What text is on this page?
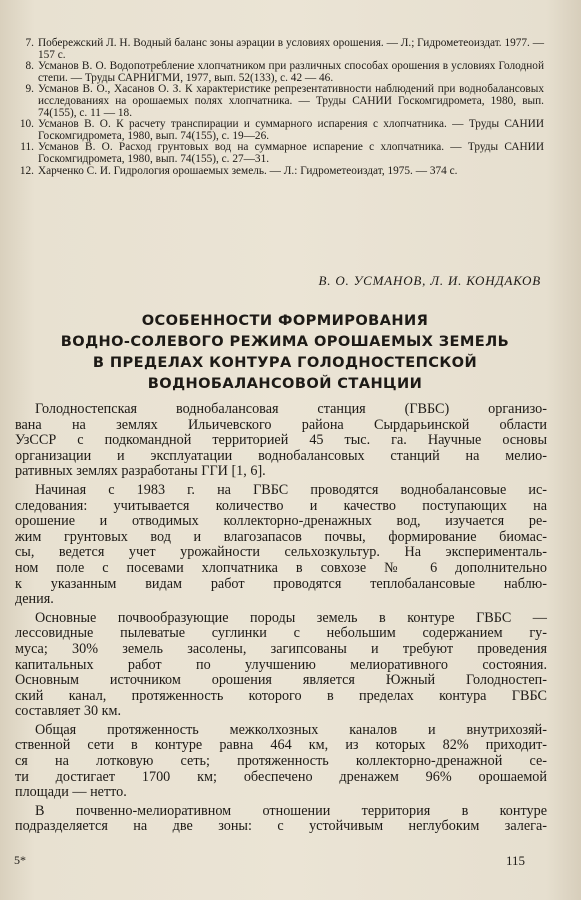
7. Побережский Л. Н. Водный баланс зоны аэрации в условиях орошения. — Л.; Гидрометеоиздат. 1977. — 157 с.
8. Усманов В. О. Водопотребление хлопчатником при различных способах орошения в условиях Голодной степи. — Труды САРНИГМИ, 1977, вып. 52(133), с. 42 — 46.
9. Усманов В. О., Хасанов О. З. К характеристике репрезентативности наблюдений при воднобалансовых исследованиях на орошаемых полях хлопчатника. — Труды САНИИ Госкомгидромета, 1980, вып. 74(155), с. 11 — 18.
10. Усманов В. О. К расчету транспирации и суммарного испарения с хлопчатника. — Труды САНИИ Госкомгидромета, 1980, вып. 74(155), с. 19—26.
11. Усманов В. О. Расход грунтовых вод на суммарное испарение с хлопчатника. — Труды САНИИ Госкомгидромета, 1980, вып. 74(155), с. 27—31.
12. Харченко С. И. Гидрология орошаемых земель. — Л.: Гидрометеоиздат, 1975. — 374 с.
В. О. УСМАНОВ, Л. И. КОНДАКОВ
ОСОБЕННОСТИ ФОРМИРОВАНИЯ
ВОДНО-СОЛЕВОГО РЕЖИМА ОРОШАЕМЫХ ЗЕМЕЛЬ
В ПРЕДЕЛАХ КОНТУРА ГОЛОДНОСТЕПСКОЙ
ВОДНОБАЛАНСОВОЙ СТАНЦИИ
Голодностепская воднобалансовая станция (ГВБС) организо-
вана на землях Ильичевского района Сырдарьинской области
УзССР с подкомандной территорией 45 тыс. га. Научные основы
организации и эксплуатации воднобалансовых станций на мелио-
ративных землях разработаны ГГИ [1, 6].
Начиная с 1983 г. на ГВБС проводятся воднобалансовые ис-
следования: учитывается количество и качество поступающих на
орошение и отводимых коллекторно-дренажных вод, изучается ре-
жим грунтовых вод и влагозапасов почвы, формирование биомас-
сы, ведется учет урожайности сельхозкультур. На эксперименталь-
ном поле с посевами хлопчатника в совхозе № 6 дополнительно
к указанным видам работ проводятся теплобалансовые наблю-
дения.
Основные почвообразующие породы земель в контуре ГВБС —
лессовидные пылеватые суглинки с небольшим содержанием гу-
муса; 30% земель засолены, загипсованы и требуют проведения
капитальных работ по улучшению мелиоративного состояния.
Основным источником орошения является Южный Голодностеп-
ский канал, протяженность которого в пределах контура ГВБС
составляет 30 км.
Общая протяженность межколхозных каналов и внутрихозяй-
ственной сети в контуре равна 464 км, из которых 82% приходит-
ся на лотковую сеть; протяженность коллекторно-дренажной се-
ти достигает 1700 км; обеспечено дренажем 96% орошаемой
площади — нетто.
В почвенно-мелиоративном отношении территория в контуре
подразделяется на две зоны: с устойчивым неглубоким залега-
5*	115
